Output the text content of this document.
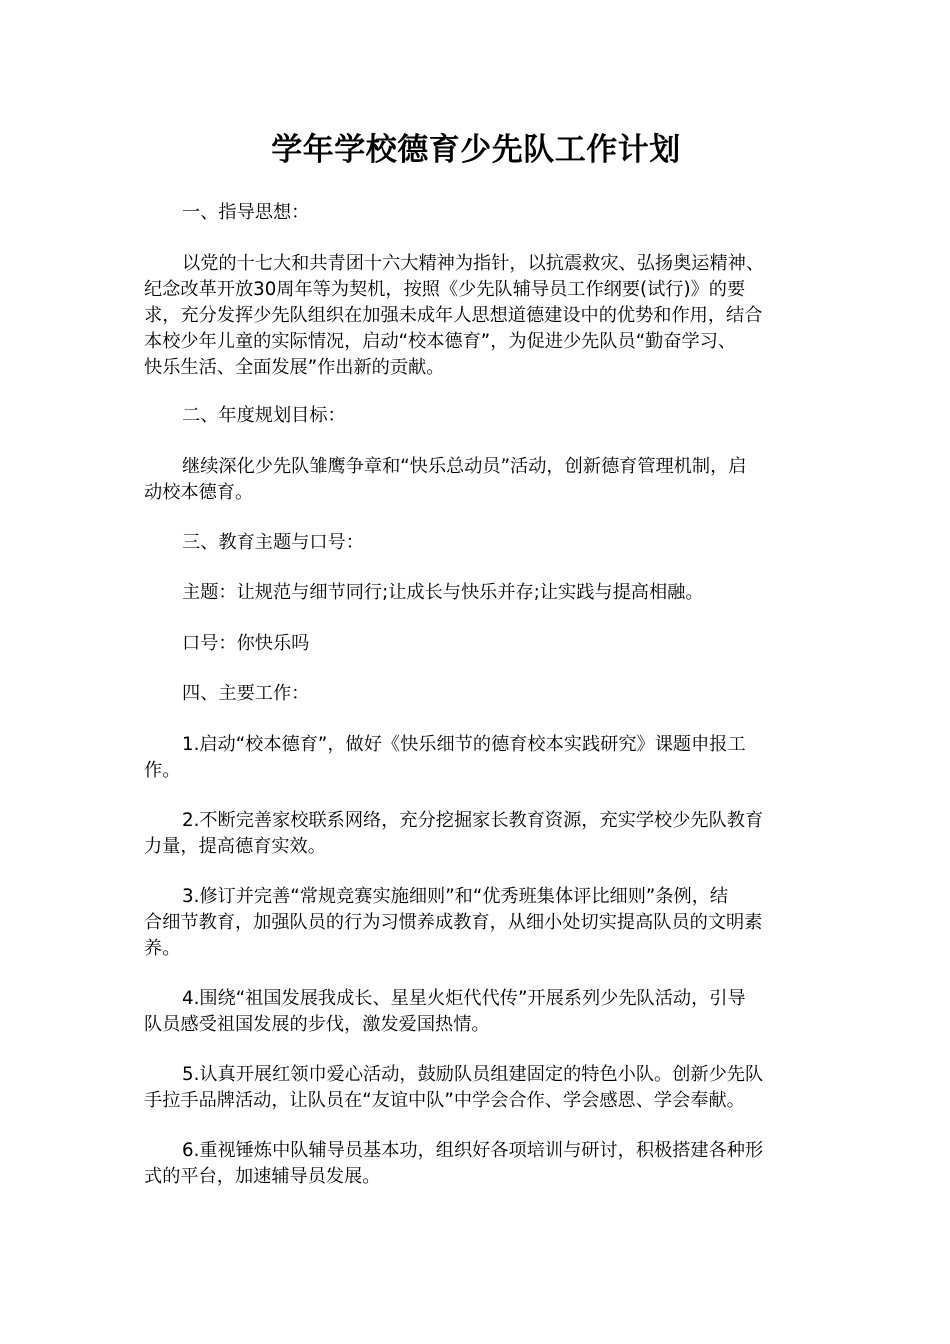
学年学校德育少先队工作计划
一、指导思想：
以党的十七大和共青团十六大精神为指针，以抗震救灾、弘扬奥运精神、
纪念改革开放30周年等为契机，按照《少先队辅导员工作纲要(试行)》的要
求，充分发挥少先队组织在加强未成年人思想道德建设中的优势和作用，结合
本校少年儿童的实际情况，启动“校本德育”，为促进少先队员“勤奋学习、
快乐生活、全面发展”作出新的贡献。
二、年度规划目标：
继续深化少先队雏鹰争章和“快乐总动员”活动，创新德育管理机制，启
动校本德育。
三、教育主题与口号：
主题：让规范与细节同行;让成长与快乐并存;让实践与提高相融。
口号：你快乐吗
四、主要工作：
1.启动“校本德育”，做好《快乐细节的德育校本实践研究》课题申报工
作。
2.不断完善家校联系网络，充分挖掘家长教育资源，充实学校少先队教育
力量，提高德育实效。
3.修订并完善“常规竞赛实施细则”和“优秀班集体评比细则”条例，结
合细节教育，加强队员的行为习惯养成教育，从细小处切实提高队员的文明素
养。
4.围绕“祖国发展我成长、星星火炬代代传”开展系列少先队活动，引导
队员感受祖国发展的步伐，激发爱国热情。
5.认真开展红领巾爱心活动，鼓励队员组建固定的特色小队。创新少先队
手拉手品牌活动，让队员在“友谊中队”中学会合作、学会感恩、学会奉献。
6.重视锤炼中队辅导员基本功，组织好各项培训与研讨，积极搭建各种形
式的平台，加速辅导员发展。
